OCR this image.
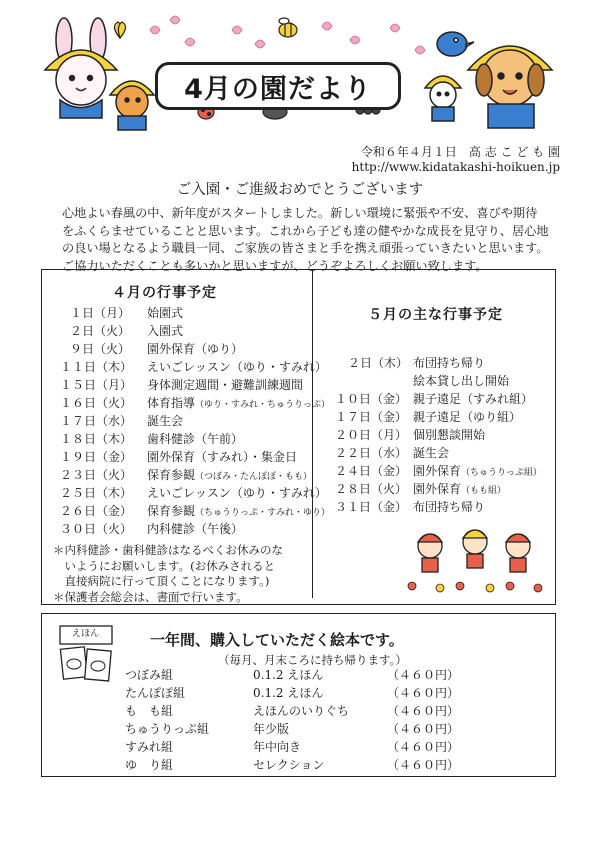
4月の園だより
令和６年４月１日　高 志 こ ど も 園
http://www.kidatakashi-hoikuen.jp
ご入園・ご進級おめでとうございます

心地よい春風の中、新年度がスタートしました。新しい環境に緊張や不安、喜びや期待

をふくらませていることと思います。これから子ども達の健やかな成長を見守り、居心地

の良い場となるよう職員一同、ご家族の皆さまと手を携え頑張っていきたいと思います。

ご協力いただくことも多いかと思いますが、どうぞよろしくお願い致します。

４月の行事予定
５月の主な行事予定
１日（月） 始園式
２日（火） 入園式
９日（火） 園外保育（ゆり）
１１日（木） えいごレッスン（ゆり・すみれ）
１５日（月） 身体測定週間・避難訓練週間
１６日（火） 体育指導（ゆり・すみれ・ちゅうりっぷ）
１７日（水） 誕生会
１８日（木） 歯科健診（午前）
１９日（金） 園外保育（すみれ）・集金日
２３日（火） 保育参観（つぼみ・たんぽぽ・もも）
２５日（木） えいごレッスン（ゆり・すみれ）
２６日（金） 保育参観（ちゅうりっぷ・すみれ・ゆり）
３０日（火） 内科健診（午後）

＊内科健診・歯科健診はなるべくお休みのな

　いようにお願いします。(お休みされると

　直接病院に行って頂くことになります。)

＊保護者会総会は、書面で行います。

２日（木） 布団持ち帰り
絵本貸し出し開始
１０日（金） 親子遠足（すみれ組）
１７日（金） 親子遠足（ゆり組）
２０日（月） 個別懇談開始
２２日（水） 誕生会
２４日（金） 園外保育（ちゅうりっぷ組）
２８日（火） 園外保育（もも組）
３１日（金） 布団持ち帰り
えほん	一年間、購入していただく絵本です。
（毎月、月末ころに持ち帰ります。）
つぼみ組	0.1.2 えほん	（４６０円）
たんぽぽ組	0.1.2 えほん	（４６０円）
も　も組	えほんのいりぐち	（４６０円）
ちゅうりっぷ組	年少版	（４６０円）
すみれ組	年中向き	（４６０円）
ゆ　り組	セレクション	（４６０円）
